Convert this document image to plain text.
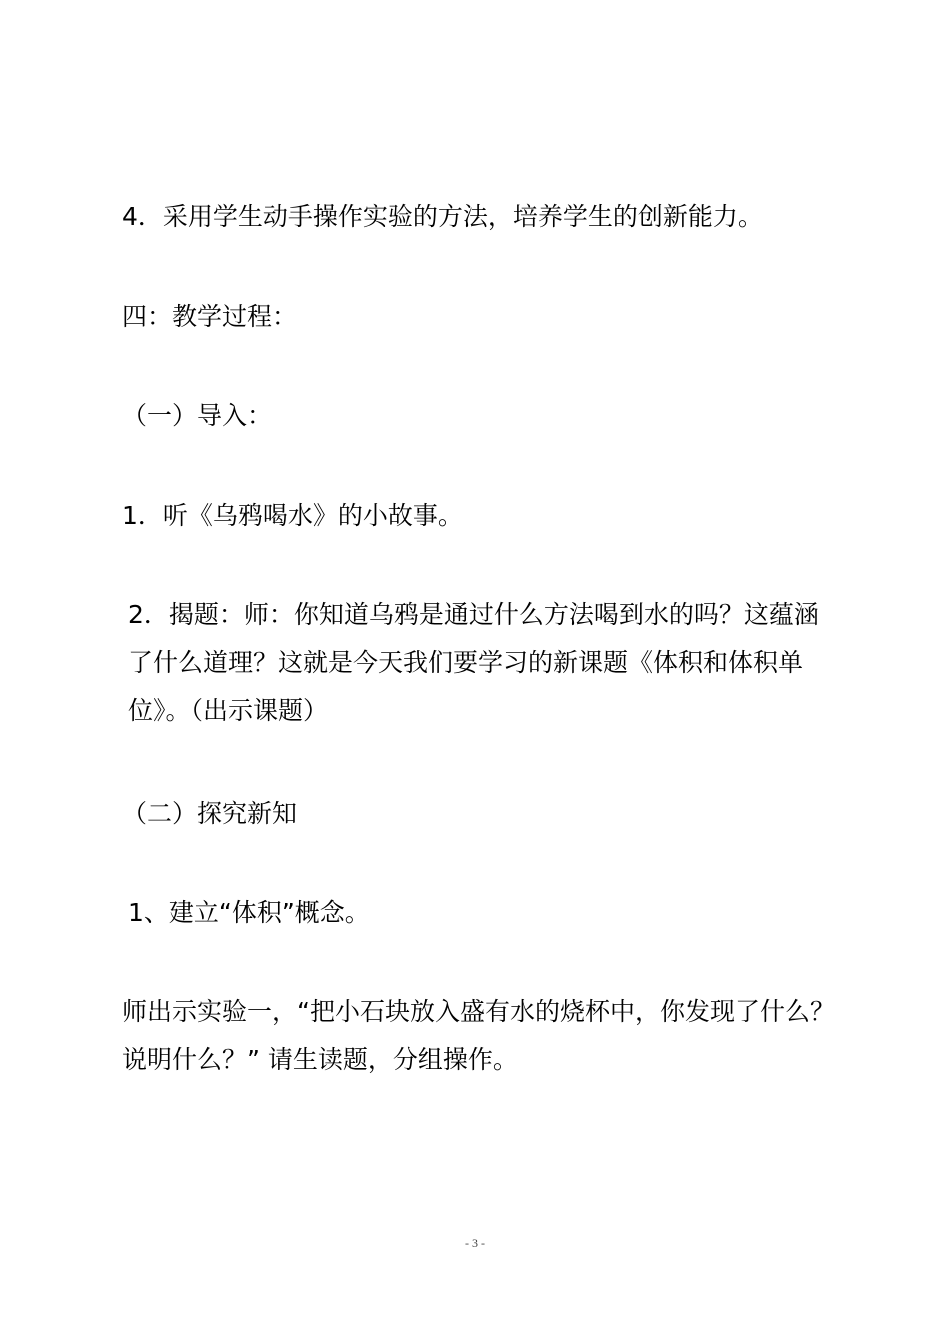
4．采用学生动手操作实验的方法，培养学生的创新能力。
四：教学过程：
（一）导入：
1．听《乌鸦喝水》的小故事。
2．揭题：师：你知道乌鸦是通过什么方法喝到水的吗？这蕴涵了什么道理？这就是今天我们要学习的新课题《体积和体积单位》。（出示课题）
（二）探究新知
1、建立“体积”概念。
师出示实验一，“把小石块放入盛有水的烧杯中，你发现了什么？说明什么？” 请生读题，分组操作。
- 3 -
